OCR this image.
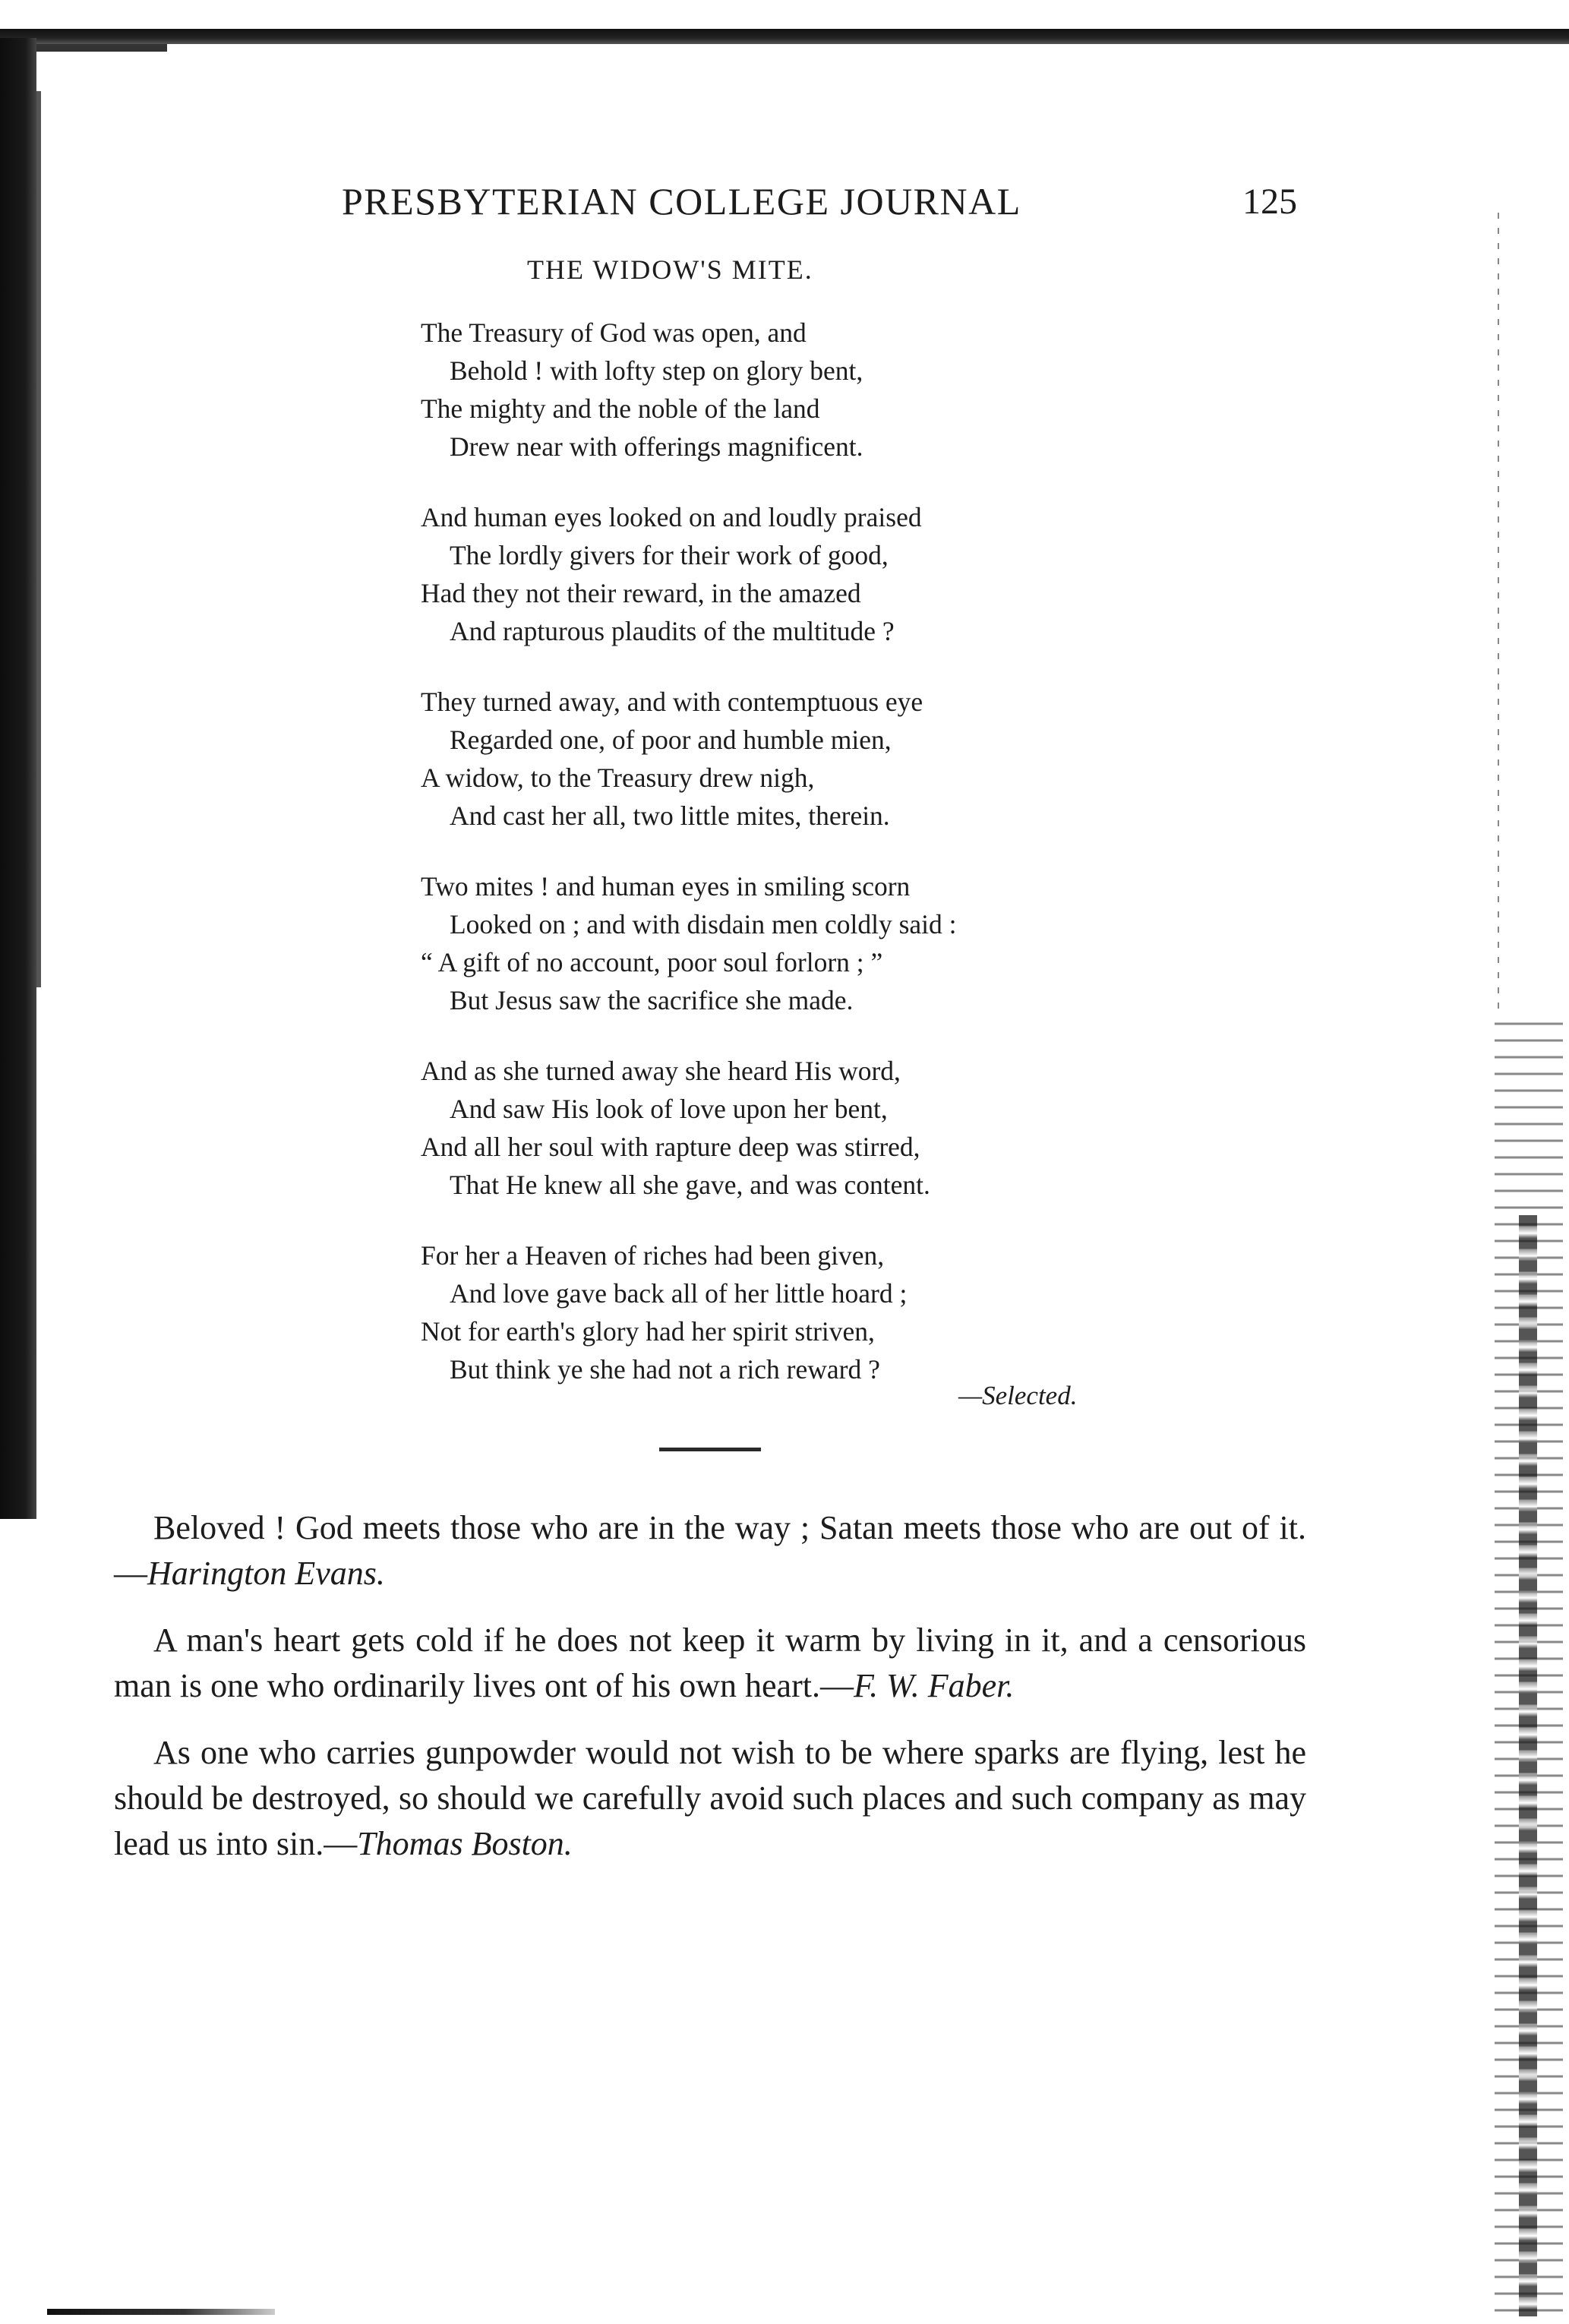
PRESBYTERIAN COLLEGE JOURNAL	125
THE WIDOW'S MITE.
The Treasury of God was open, and
Behold ! with lofty step on glory bent,
The mighty and the noble of the land
Drew near with offerings magnificent.
And human eyes looked on and loudly praised
The lordly givers for their work of good,
Had they not their reward, in the amazed
And rapturous plaudits of the multitude ?
They turned away, and with contemptuous eye
Regarded one, of poor and humble mien,
A widow, to the Treasury drew nigh,
And cast her all, two little mites, therein.
Two mites ! and human eyes in smiling scorn
Looked on ; and with disdain men coldly said :
“ A gift of no account, poor soul forlorn ; ”
But Jesus saw the sacrifice she made.
And as she turned away she heard His word,
And saw His look of love upon her bent,
And all her soul with rapture deep was stirred,
That He knew all she gave, and was content.
For her a Heaven of riches had been given,
And love gave back all of her little hoard ;
Not for earth's glory had her spirit striven,
But think ye she had not a rich reward ?
—Selected.

Beloved ! God meets those who are in the way ; Satan meets those who are out of it.—Harington Evans.

A man's heart gets cold if he does not keep it warm by living in it, and a censorious man is one who ordinarily lives ont of his own heart.—F. W. Faber.

As one who carries gunpowder would not wish to be where sparks are flying, lest he should be destroyed, so should we carefully avoid such places and such company as may lead us into sin.—Thomas Boston.
